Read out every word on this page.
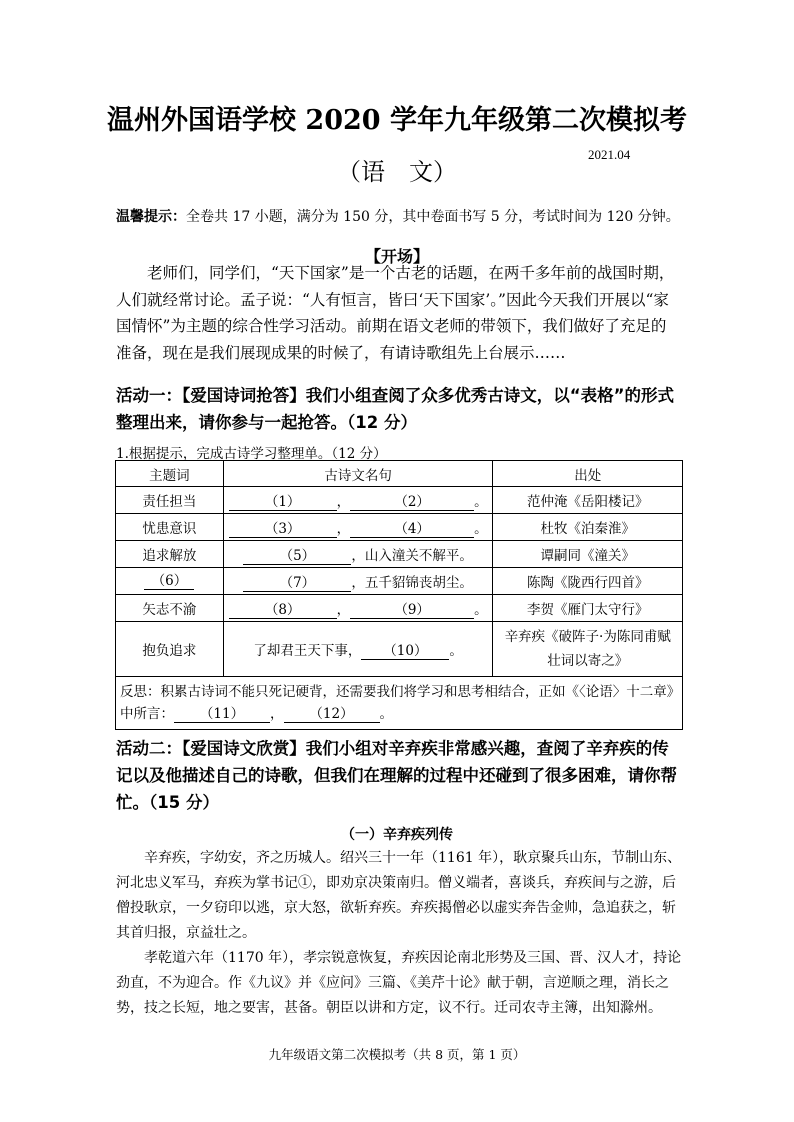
温州外国语学校 2020 学年九年级第二次模拟考
（语　文）
2021.04
温馨提示：全卷共 17 小题，满分为 150 分，其中卷面书写 5 分，考试时间为 120 分钟。
【开场】
老师们，同学们，“天下国家”是一个古老的话题，在两千多年前的战国时期，人们就经常讨论。孟子说：“人有恒言，皆曰‘天下国家’。”因此今天我们开展以“家国情怀”为主题的综合性学习活动。前期在语文老师的带领下，我们做好了充足的准备，现在是我们展现成果的时候了，有请诗歌组先上台展示……
活动一：【爱国诗词抢答】我们小组查阅了众多优秀古诗文，以“表格”的形式整理出来，请你参与一起抢答。（12 分）
1.根据提示，完成古诗学习整理单。（12 分）
主题词	古诗文名句	出处
责任担当	（1） ， （2） 。	范仲淹《岳阳楼记》
忧患意识	（3） ， （4） 。	杜牧《泊秦淮》
追求解放	（5） ，山入潼关不解平。	谭嗣同《潼关》
（6）	（7） ，五千貂锦丧胡尘。	陈陶《陇西行四首》
矢志不渝	（8） ， （9） 。	李贺《雁门太守行》
抱负追求	了却君王天下事， （10） 。	辛弃疾《破阵子·为陈同甫赋
壮词以寄之》

反思：积累古诗词不能只死记硬背，还需要我们将学习和思考相结合，正如《〈论语〉十二章》中所言： （11） ， （12） 。		
活动二：【爱国诗文欣赏】我们小组对辛弃疾非常感兴趣，查阅了辛弃疾的传记以及他描述自己的诗歌，但我们在理解的过程中还碰到了很多困难，请你帮忙。（15 分）
（一）辛弃疾列传
辛弃疾，字幼安，齐之历城人。绍兴三十一年（1161 年），耿京聚兵山东，节制山东、河北忠义军马，弃疾为掌书记①，即劝京决策南归。僧义端者，喜谈兵，弃疾间与之游，后僧投耿京，一夕窃印以逃，京大怒，欲斩弃疾。弃疾揭僧必以虚实奔告金帅，急追获之，斩其首归报，京益壮之。
孝乾道六年（1170 年），孝宗锐意恢复，弃疾因论南北形势及三国、晋、汉人才，持论劲直，不为迎合。作《九议》并《应问》三篇、《美芹十论》献于朝，言逆顺之理，消长之势，技之长短，地之要害，甚备。朝臣以讲和方定，议不行。迁司农寺主簿，出知滁州。
九年级语文第二次模拟考（共 8 页，第 1 页）
